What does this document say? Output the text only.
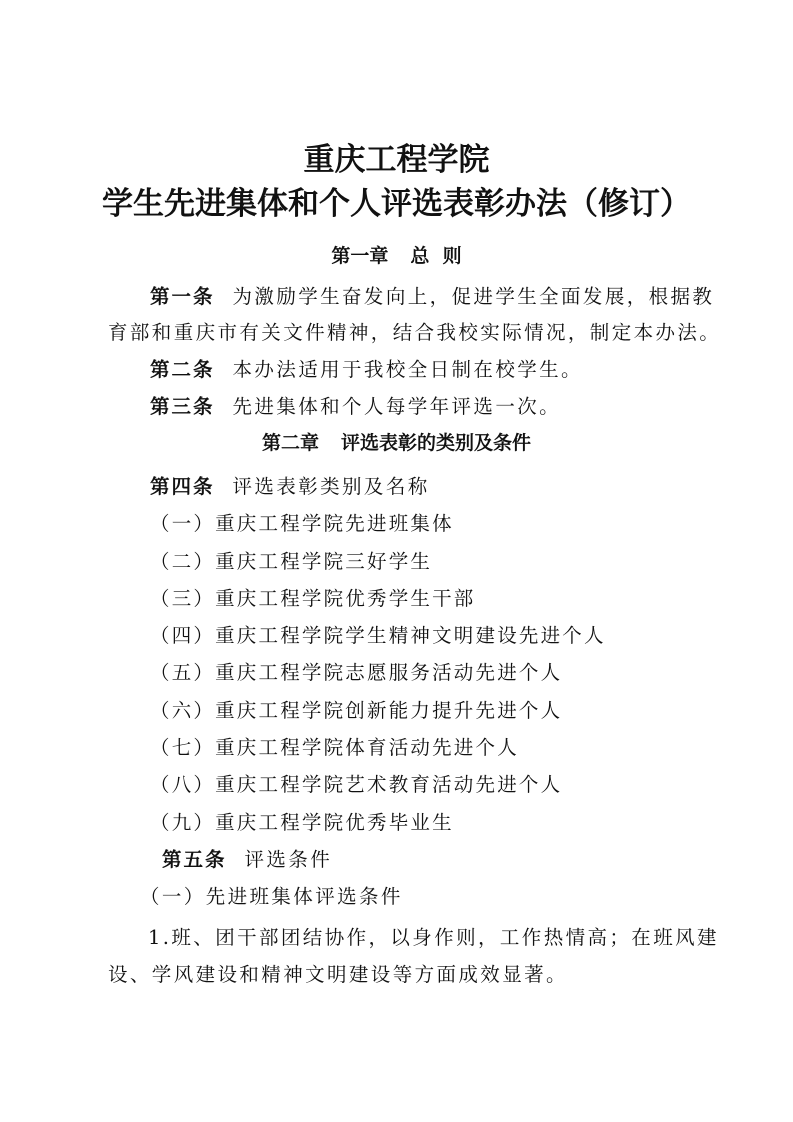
重庆工程学院
学生先进集体和个人评选表彰办法（修订）
第一章 总  则
第一条 为激励学生奋发向上，促进学生全面发展，根据教
育部和重庆市有关文件精神，结合我校实际情况，制定本办法。
第二条 本办法适用于我校全日制在校学生。
第三条 先进集体和个人每学年评选一次。
第二章 评选表彰的类别及条件
第四条 评选表彰类别及名称
（一）重庆工程学院先进班集体
（二）重庆工程学院三好学生
（三）重庆工程学院优秀学生干部
（四）重庆工程学院学生精神文明建设先进个人
（五）重庆工程学院志愿服务活动先进个人
（六）重庆工程学院创新能力提升先进个人
（七）重庆工程学院体育活动先进个人
（八）重庆工程学院艺术教育活动先进个人
（九）重庆工程学院优秀毕业生
第五条 评选条件
（一）先进班集体评选条件
1.班、团干部团结协作，以身作则，工作热情高；在班风建
设、学风建设和精神文明建设等方面成效显著。
